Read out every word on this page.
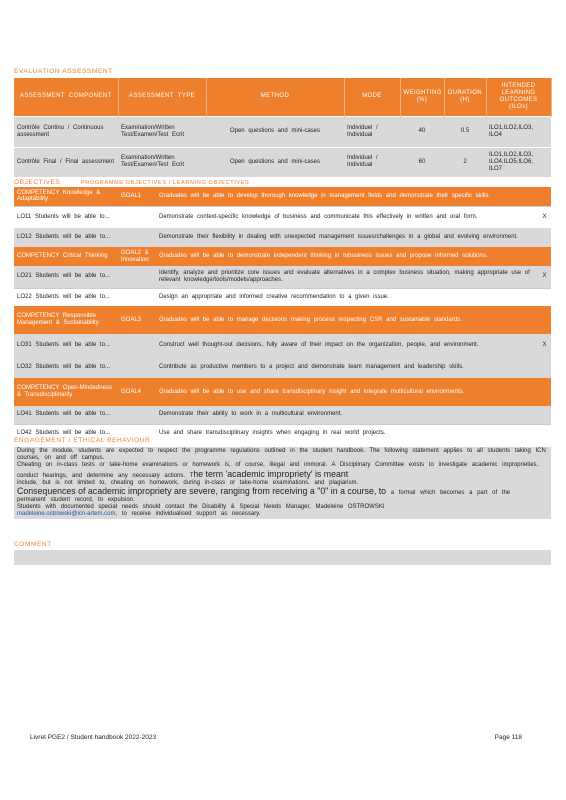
EVALUATION ASSESSMENT
ASSESSMENT COMPONENT	ASSESSMENT TYPE	METHOD	MODE	WEIGHTING (%)	DURATION (H)	INTENDED LEARNING OUTCOMES (ILOs)
Contrôle Continu / Continuous assessment	Examination/Written Test/Examen/Test Ecrit	Open questions and mini-cases	Individuel / Individual	40	0.5	ILO1,ILO2,ILO3, ILO4
Contrôle Final / Final assessment	Examination/Written Test/Examen/Test Ecrit	Open questions and mini-cases	Individuel / Individual	60	2	ILO1,ILO2,ILO3, ILO4,ILO5,ILO6, ILO7
OBJECTIVES	PROGRAMME OBJECTIVES / LEARNING OBJECTIVES
COMPETENCY Knowledge & Adaptability	GOAL1	Graduates will be able to develop thorough knowledge in management fields and demonstrate their specific skills.	
LO11 Students will be able to...		Demonstrate context-specific knowledge of business and communicate this effectively in written and oral form.	X
LO12 Students will be able to...		Demonstrate their flexibility in dealing with unexpected management issues/challenges in a global and evolving environment.	
COMPETENCY Critical Thinking	GOAL2 & Innovation	Graduates will be able to demonstrate independent thinking in tobusiness issues and propose informed solutions.	
LO21 Students will be able to...		Identify, analyze and prioritize core issues and evaluate alternatives in a complex business situation, making appropriate use of relevant knowledge/tools/models/approaches.	X
LO22 Students will be able to...		Design an appropriate and informed creative recommendation to a given issue.	
COMPETENCY Responsible Management & Sustainability	GOAL3	Graduates will be able to manage decisions making process respecting CSR and sustainable standards.	
LO31 Students will be able to...		Construct well thought-out decisions, fully aware of their impact on the organization, people, and environment.	X
LO32 Students will be able to...		Contribute as productive members to a project and demonstrate team management and leadership skills.	
COMPETENCY Open-Mindedness & Transdisciplinarity	GOAL4	Graduates will be able to use and share transdisciplinary insight and integrate multicultural environments.	
LO41 Students will be able to...		Demonstrate their ability to work in a multicultural environment.	
LO42 Students will be able to...		Use and share transdisciplinary insights when engaging in real world projects.	
ENGAGEMENT / ETHICAL BEHAVIOUR
During the module, students are expected to respect the programme regulations outlined in the student handbook. The following statement applies to all students taking ICN courses, on and off campus.
Cheating on in-class tests or take-home examinations or homework is, of course, illegal and immoral. A Disciplinary Committee exists to investigate academic improprieties, conduct hearings, and determine any necessary actions. The term 'academic impropriety' is meant
include, but is not limited to, cheating on homework, during in-class or take-home examinations, and plagiarism.
Consequences of academic impropriety are severe, ranging from receiving a "0" in a course, to a formal which becomes a part of the
permanent student record, to expulsion.
Students with documented special needs should contact the Disability & Special Needs Manager, Madeleine OSTROWSKI
madeleine.ostrowski@icn-artem.com, to receive individualised support as necessary.
COMMENT
Livret PGE2 / Student handbook 2022-2023	Page 118
